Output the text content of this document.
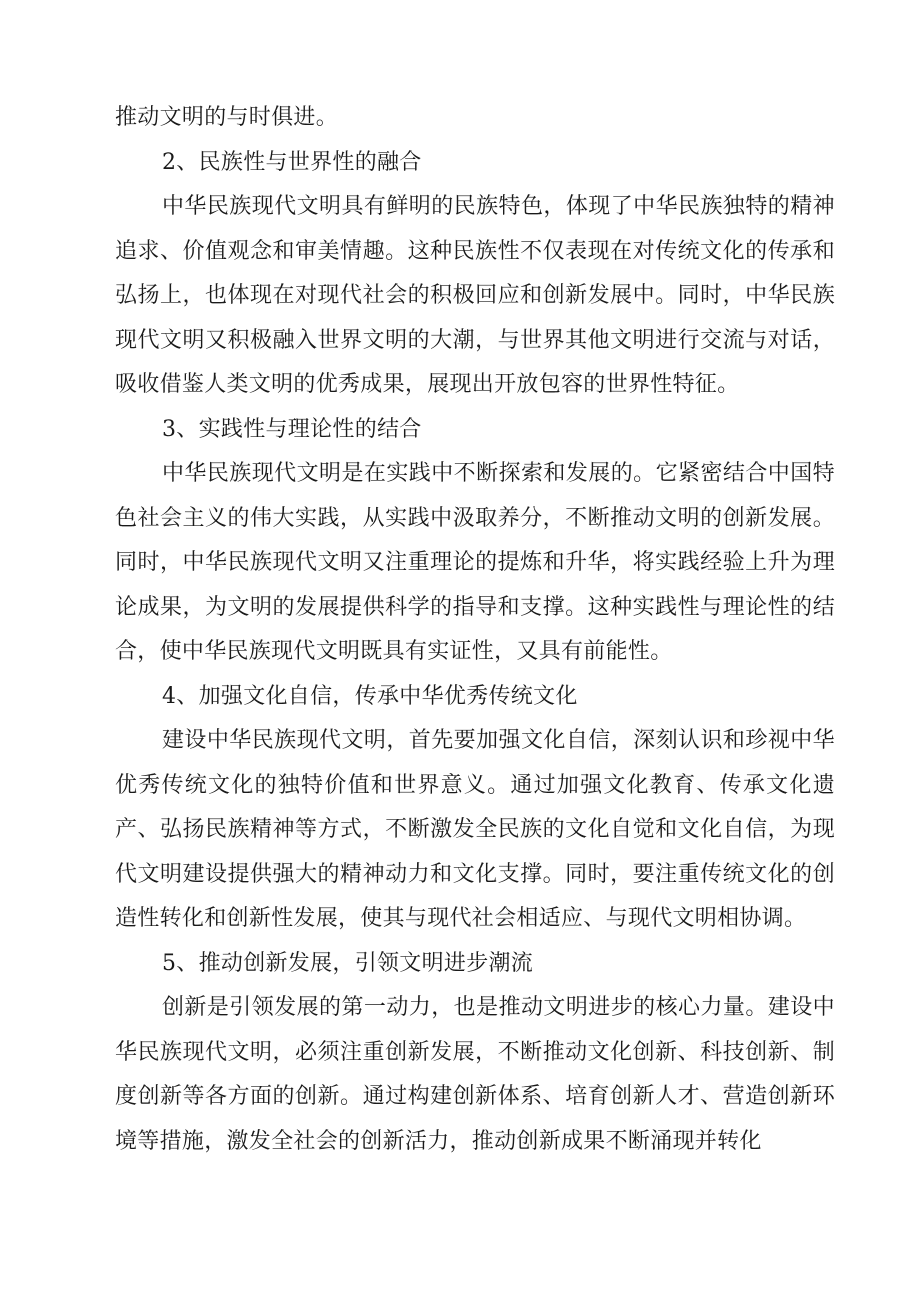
推动文明的与时俱进。

2、民族性与世界性的融合

中华民族现代文明具有鲜明的民族特色，体现了中华民族独特的精神追求、价值观念和审美情趣。这种民族性不仅表现在对传统文化的传承和弘扬上，也体现在对现代社会的积极回应和创新发展中。同时，中华民族现代文明又积极融入世界文明的大潮，与世界其他文明进行交流与对话，吸收借鉴人类文明的优秀成果，展现出开放包容的世界性特征。

3、实践性与理论性的结合

中华民族现代文明是在实践中不断探索和发展的。它紧密结合中国特色社会主义的伟大实践，从实践中汲取养分，不断推动文明的创新发展。同时，中华民族现代文明又注重理论的提炼和升华，将实践经验上升为理论成果，为文明的发展提供科学的指导和支撑。这种实践性与理论性的结合，使中华民族现代文明既具有实证性，又具有前能性。

4、加强文化自信，传承中华优秀传统文化

建设中华民族现代文明，首先要加强文化自信，深刻认识和珍视中华优秀传统文化的独特价值和世界意义。通过加强文化教育、传承文化遗产、弘扬民族精神等方式，不断激发全民族的文化自觉和文化自信，为现代文明建设提供强大的精神动力和文化支撑。同时，要注重传统文化的创造性转化和创新性发展，使其与现代社会相适应、与现代文明相协调。

5、推动创新发展，引领文明进步潮流

创新是引领发展的第一动力，也是推动文明进步的核心力量。建设中华民族现代文明，必须注重创新发展，不断推动文化创新、科技创新、制度创新等各方面的创新。通过构建创新体系、培育创新人才、营造创新环境等措施，激发全社会的创新活力，推动创新成果不断涌现并转化
